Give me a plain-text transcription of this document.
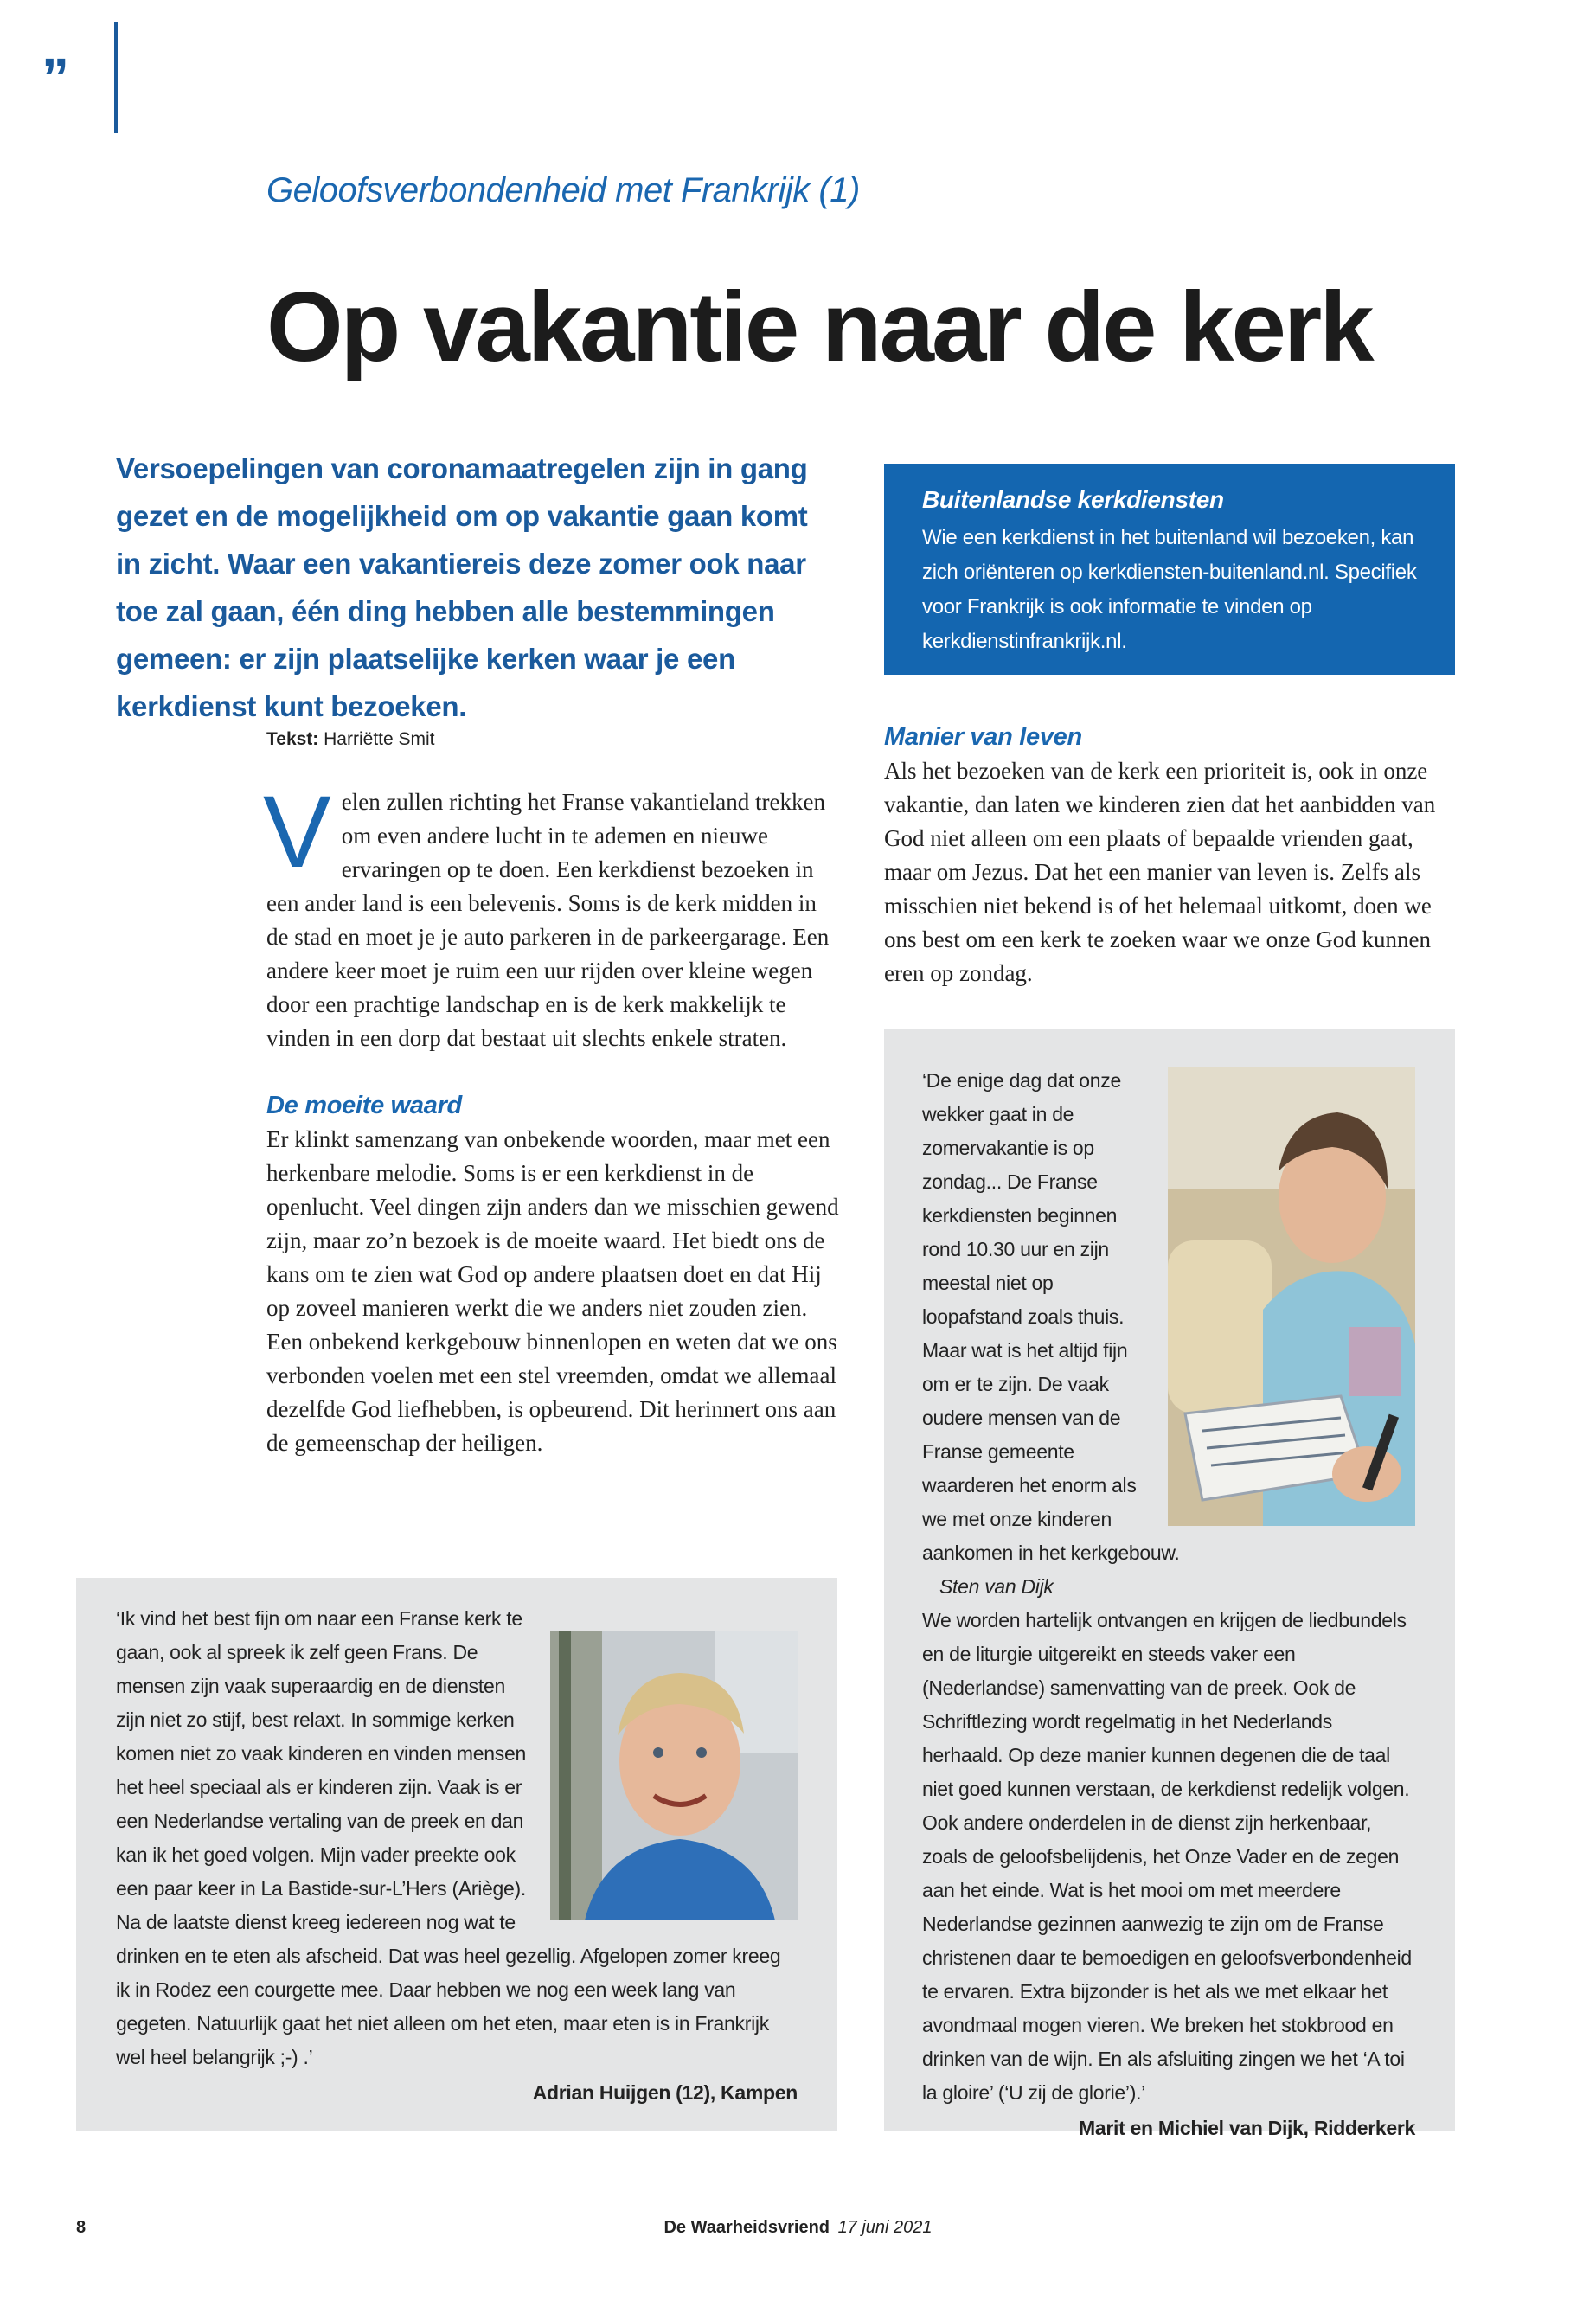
”
Geloofsverbondenheid met Frankrijk (1)
Op vakantie naar de kerk

Versoepelingen van coronamaatregelen zijn in gang gezet en de mogelijkheid om op vakantie gaan komt in zicht. Waar een vakantiereis deze zomer ook naar toe zal gaan, één ding hebben alle bestemmingen gemeen: er zijn plaatselijke kerken waar je een kerkdienst kunt bezoeken.

Buitenlandse kerkdiensten

Wie een kerkdienst in het buitenland wil bezoeken, kan zich oriënteren op kerkdiensten-buitenland.nl. Specifiek voor Frankrijk is ook informatie te vinden op kerkdienstinfrankrijk.nl.

Tekst: Harriëtte Smit

Velen zullen richting het Franse vakantieland trekken om even andere lucht in te ademen en nieuwe ervaringen op te doen. Een kerkdienst bezoeken in een ander land is een belevenis. Soms is de kerk midden in de stad en moet je je auto parkeren in de parkeergarage. Een andere keer moet je ruim een uur rijden over kleine wegen door een prachtige landschap en is de kerk makkelijk te vinden in een dorp dat bestaat uit slechts enkele straten.

De moeite waard

Er klinkt samenzang van onbekende woorden, maar met een herkenbare melodie. Soms is er een kerkdienst in de openlucht. Veel dingen zijn anders dan we misschien gewend zijn, maar zo’n bezoek is de moeite waard. Het biedt ons de kans om te zien wat God op andere plaatsen doet en dat Hij op zoveel manieren werkt die we anders niet zouden zien. Een onbekend kerkgebouw binnenlopen en weten dat we ons verbonden voelen met een stel vreemden, omdat we allemaal dezelfde God liefhebben, is opbeurend. Dit herinnert ons aan de gemeenschap der heiligen.

Manier van leven

Als het bezoeken van de kerk een prioriteit is, ook in onze vakantie, dan laten we kinderen zien dat het aanbidden van God niet alleen om een plaats of bepaalde vrienden gaat, maar om Jezus. Dat het een manier van leven is. Zelfs als misschien niet bekend is of het helemaal uitkomt, doen we ons best om een kerk te zoeken waar we onze God kunnen eren op zondag.

‘Ik vind het best fijn om naar een Franse kerk te gaan, ook al spreek ik zelf geen Frans. De mensen zijn vaak superaardig en de diensten zijn niet zo stijf, best relaxt. In sommige kerken komen niet zo vaak kinderen en vinden mensen het heel speciaal als er kinderen zijn. Vaak is er een Nederlandse vertaling van de preek en dan kan ik het goed volgen. Mijn vader preekte ook een paar keer in La Bastide-sur-L’Hers (Ariège). Na de laatste dienst kreeg iedereen nog wat te drinken en te eten als afscheid. Dat was heel gezellig. Afgelopen zomer kreeg ik in Rodez een courgette mee. Daar hebben we nog een week lang van gegeten. Natuurlijk gaat het niet alleen om het eten, maar eten is in Frankrijk wel heel belangrijk ;-) .’

Adrian Huijgen (12), Kampen

‘De enige dag dat onze wekker gaat in de zomervakantie is op zondag... De Franse kerkdiensten beginnen rond 10.30 uur en zijn meestal niet op loopafstand zoals thuis. Maar wat is het altijd fijn om er te zijn. De vaak oudere mensen van de Franse gemeente waarderen het enorm als we met onze kinderen aankomen in het kerkgebouw.

Sten van Dijk

We worden hartelijk ontvangen en krijgen de liedbundels en de liturgie uitgereikt en steeds vaker een (Nederlandse) samenvatting van de preek. Ook de Schriftlezing wordt regelmatig in het Nederlands herhaald. Op deze manier kunnen degenen die de taal niet goed kunnen verstaan, de kerkdienst redelijk volgen. Ook andere onderdelen in de dienst zijn herkenbaar, zoals de geloofsbelijdenis, het Onze Vader en de zegen aan het einde. Wat is het mooi om met meerdere Nederlandse gezinnen aanwezig te zijn om de Franse christenen daar te bemoedigen en geloofsverbondenheid te ervaren. Extra bijzonder is het als we met elkaar het avondmaal mogen vieren. We breken het stokbrood en drinken van de wijn. En als afsluiting zingen we het ‘A toi la gloire’ (‘U zij de glorie’).’

Marit en Michiel van Dijk, Ridderkerk
8	De Waarheidsvriend 17 juni 2021
